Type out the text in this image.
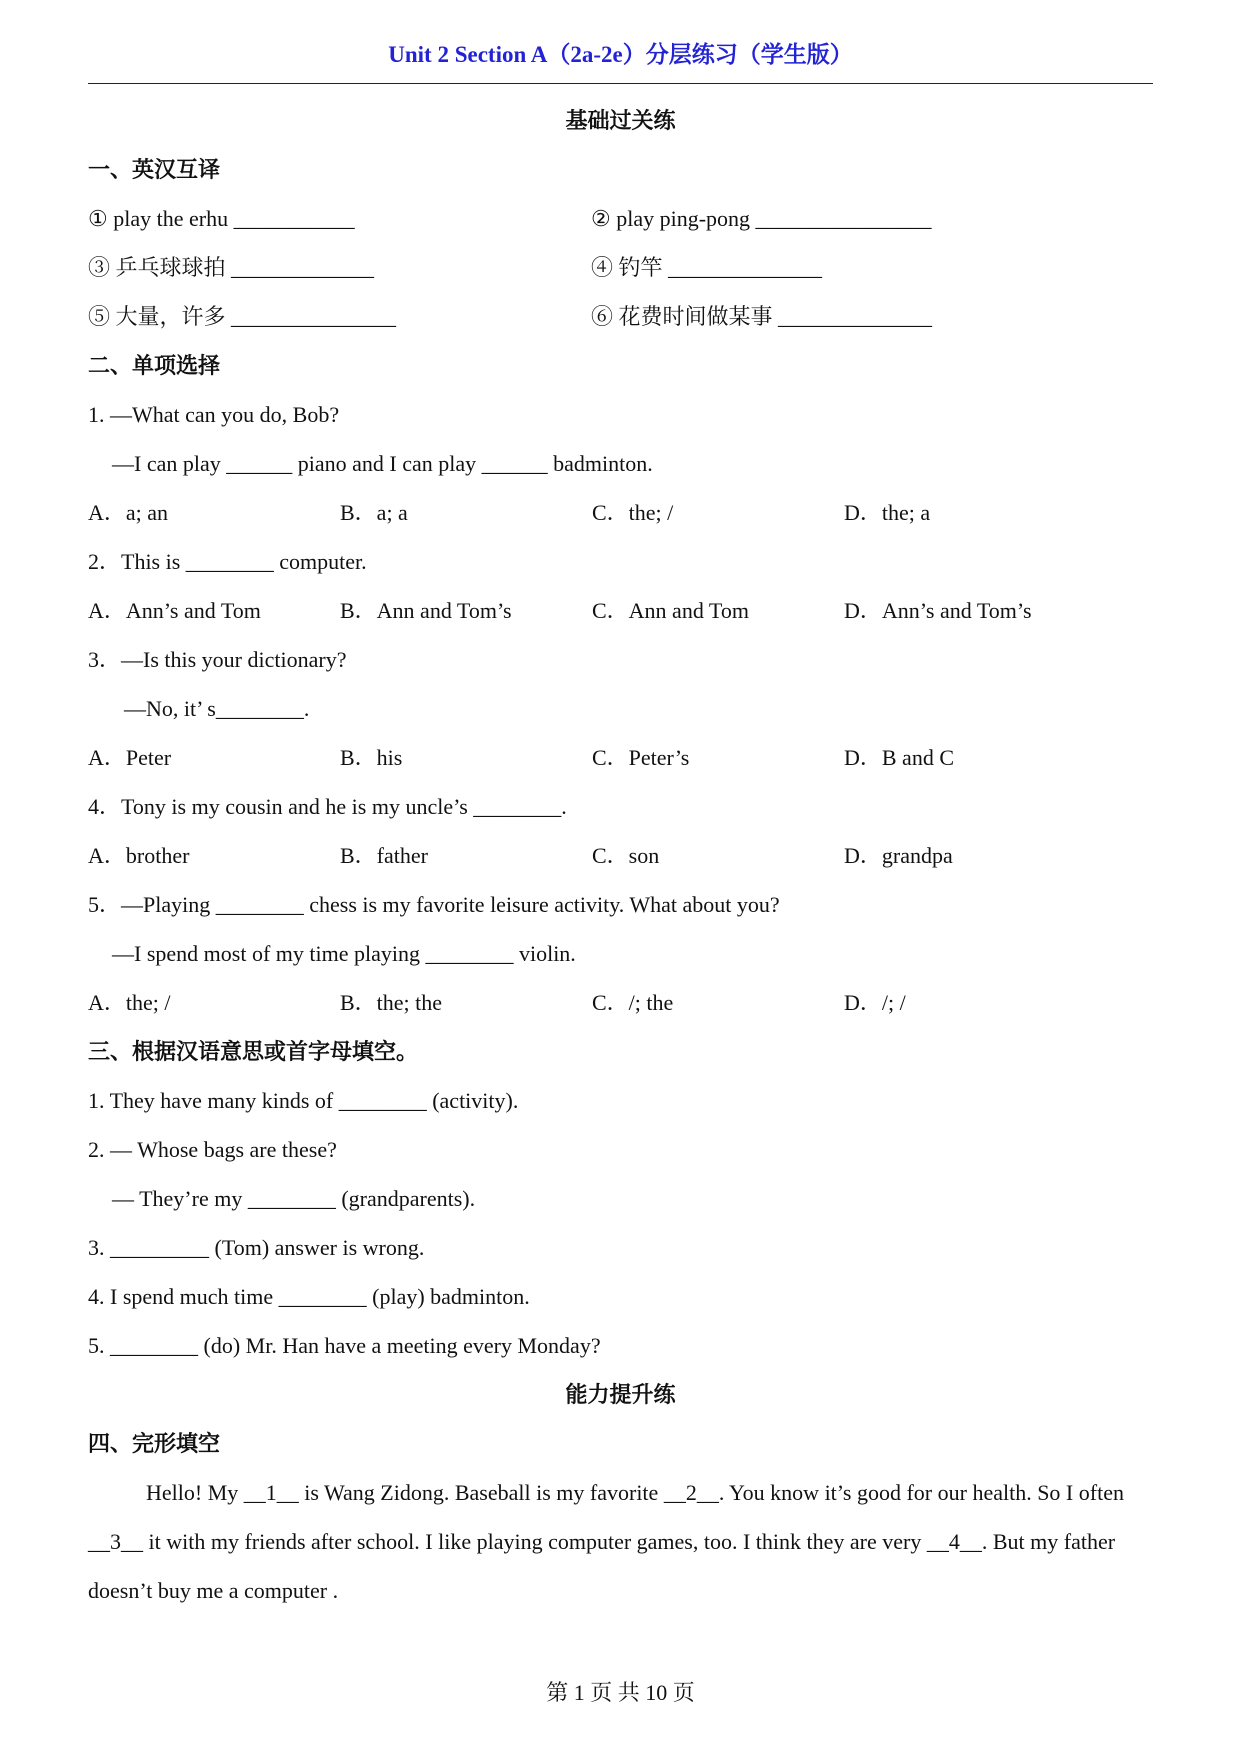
Unit 2 Section A（2a-2e）分层练习（学生版）
基础过关练
一、英汉互译
① play the erhu ___________	② play ping-pong ________________
③ 乒乓球球拍 _____________	④ 钓竿 ______________
⑤ 大量，许多 _______________	⑥ 花费时间做某事 ______________
二、单项选择
1. —What can you do, Bob?
—I can play ______ piano and I can play ______ badminton.
A．a; an	B．a; a	C．the; /	D．the; a
2．This is ________ computer.
A．Ann’s and Tom	B．Ann and Tom’s	C．Ann and Tom	D．Ann’s and Tom’s
3．—Is this your dictionary?
—No, it’ s________.
A．Peter	B．his	C．Peter’s	D．B and C
4．Tony is my cousin and he is my uncle’s ________.
A．brother	B．father	C．son	D．grandpa
5．—Playing ________ chess is my favorite leisure activity. What about you?
—I spend most of my time playing ________ violin.
A．the; /	B．the; the	C．/; the	D．/; /
三、根据汉语意思或首字母填空。
1. They have many kinds of ________ (activity).
2. — Whose bags are these?
— They’re my ________ (grandparents).
3. _________ (Tom) answer is wrong.
4. I spend much time ________ (play) badminton.
5. ________ (do) Mr. Han have a meeting every Monday?
能力提升练
四、完形填空
Hello! My __1__ is Wang Zidong. Baseball is my favorite __2__. You know it’s good for our health. So I often __3__ it with my friends after school. I like playing computer games, too. I think they are very __4__. But my father doesn’t buy me a computer .
第 1 页 共 10 页
